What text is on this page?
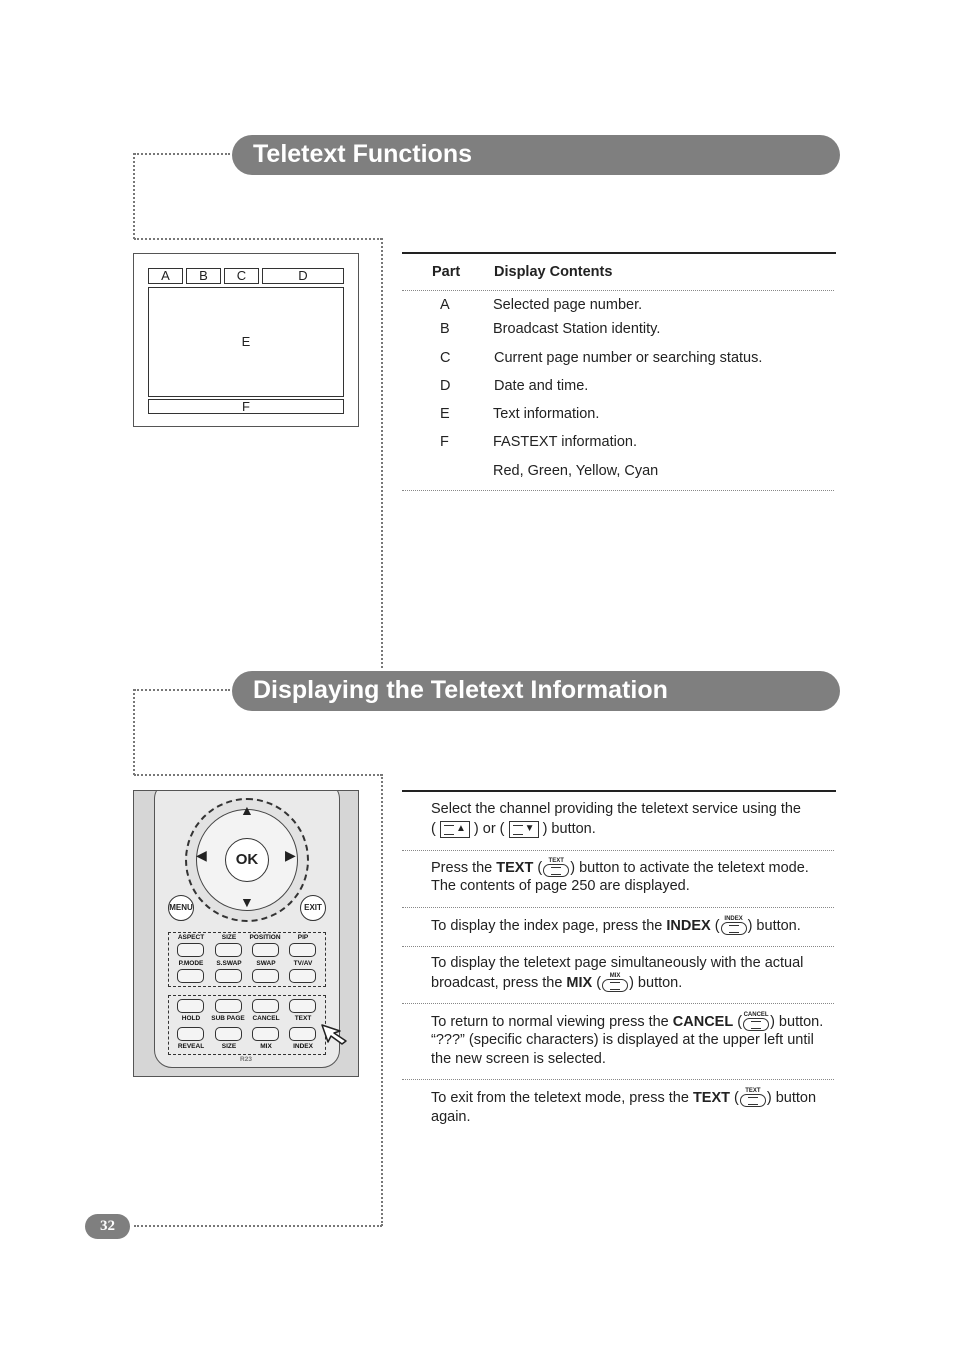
Teletext Functions
A	B	C	D
E
F
Part Display Contents
A	Selected page number.
B	Broadcast Station identity.
C	Current page number or searching status.
D	Date and time.
E	Text information.
F	FASTEXT information.
Red, Green, Yellow, Cyan
Displaying the Teletext Information
OK
▲
▼
◀	▶
MENU	EXIT
ASPECT	SIZE	POSITION	PIP
P.MODE	S.SWAP	SWAP	TV/AV
HOLD	SUB PAGE	CANCEL	TEXT
REVEAL	SIZE	MIX	INDEX
R23
Select the channel providing the teletext service using the
( ▲ ) or ( ▼ ) button.
Press the TEXT (	TEXT ) button to activate the teletext mode.
The contents of page 250 are displayed.
To display the index page, press the INDEX ( INDEX ) button.
To display the teletext page simultaneously with the actual
broadcast, press the MIX (	MIX ) button.
To return to normal viewing press the CANCEL ( CANCEL ) button.
“???” (specific characters) is displayed at the upper left until
the new screen is selected.
To exit from the teletext mode, press the TEXT (	TEXT ) button
again.
32
